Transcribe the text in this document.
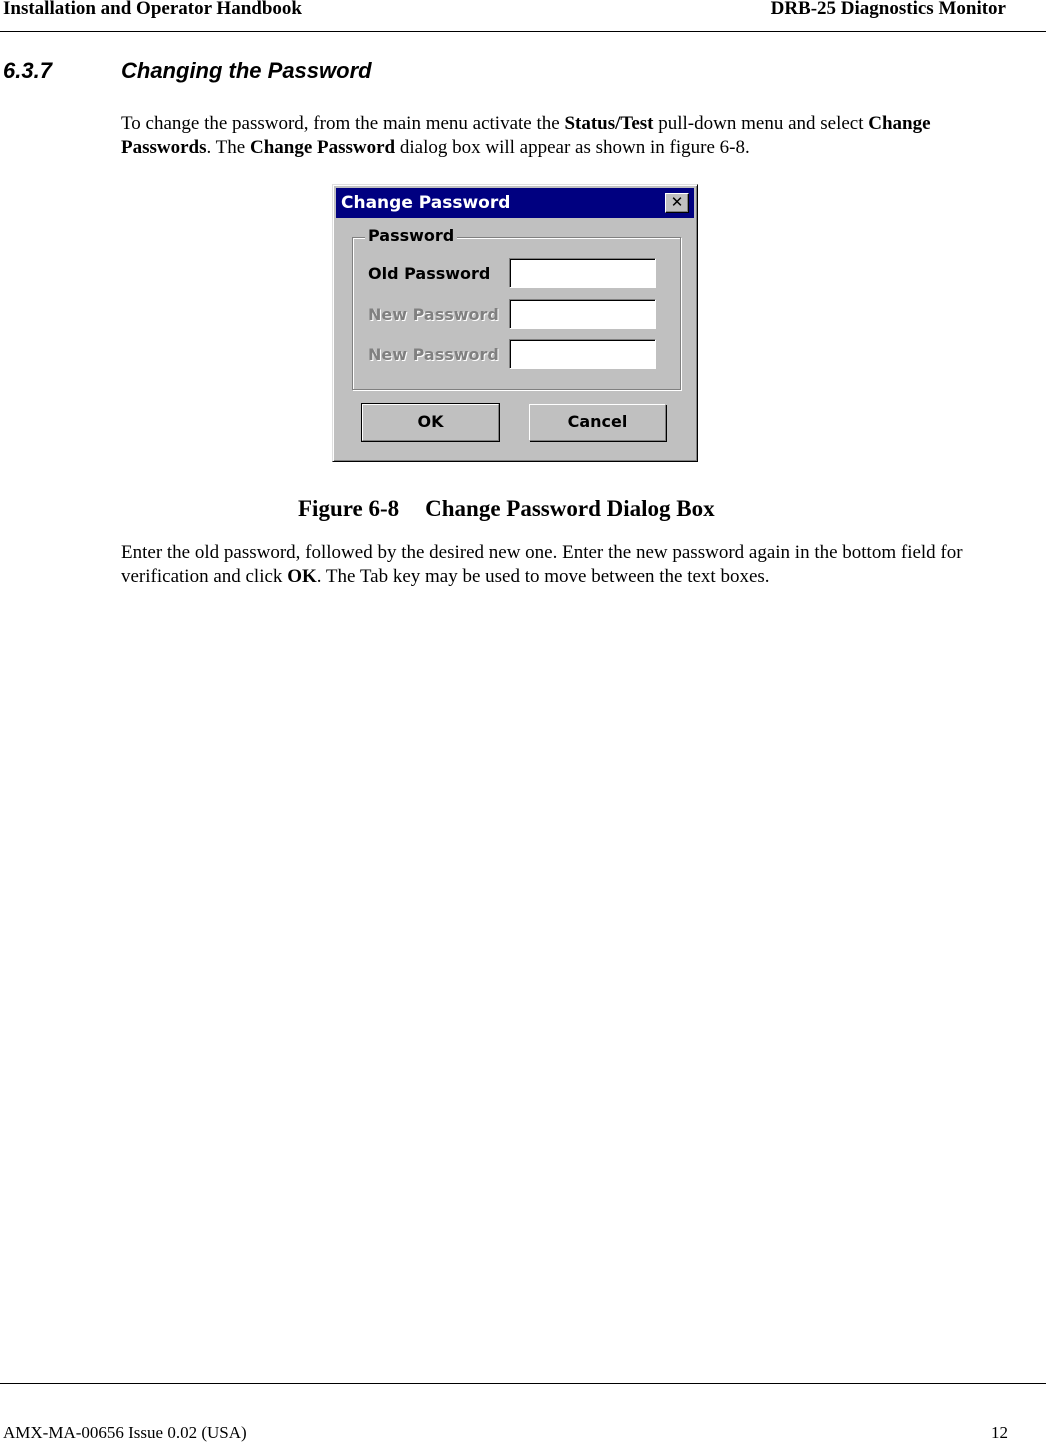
Installation and Operator Handbook	DRB-25 Diagnostics Monitor
6.3.7	Changing the Password
To change the password, from the main menu activate the Status/Test pull-down menu and select Change Passwords. The Change Password dialog box will appear as shown in figure 6-8.
Change Password	✕
Password
Old Password
New Password
New Password
OK	Cancel
Figure 6-8 Change Password Dialog Box
Enter the old password, followed by the desired new one. Enter the new password again in the bottom field for verification and click OK. The Tab key may be used to move between the text boxes.
AMX-MA-00656 Issue 0.02 (USA)	12
